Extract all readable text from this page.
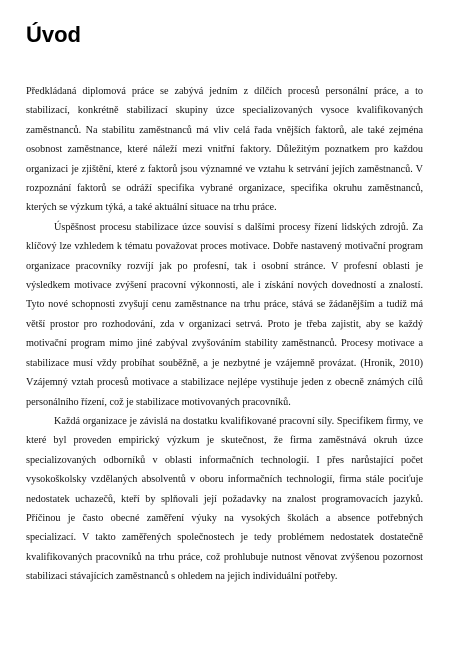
Úvod

Předkládaná diplomová práce se zabývá jedním z dílčích procesů personální práce, a to stabilizací, konkrétně stabilizací skupiny úzce specializovaných vysoce kvalifikovaných zaměstnanců. Na stabilitu zaměstnanců má vliv celá řada vnějších faktorů, ale také zejména osobnost zaměstnance, které náleží mezi vnitřní faktory. Důležitým poznatkem pro každou organizaci je zjištění, které z faktorů jsou významné ve vztahu k setrvání jejích zaměstnanců. V rozpoznání faktorů se odráží specifika vybrané organizace, specifika okruhu zaměstnanců, kterých se výzkum týká, a také aktuální situace na trhu práce.

Úspěšnost procesu stabilizace úzce souvisí s dalšími procesy řízení lidských zdrojů. Za klíčový lze vzhledem k tématu považovat proces motivace. Dobře nastavený motivační program organizace pracovníky rozvíjí jak po profesní, tak i osobní stránce. V profesní oblasti je výsledkem motivace zvýšení pracovní výkonnosti, ale i získání nových dovedností a znalostí. Tyto nové schopnosti zvyšují cenu zaměstnance na trhu práce, stává se žádanějším a tudíž má větší prostor pro rozhodování, zda v organizaci setrvá. Proto je třeba zajistit, aby se každý motivační program mimo jiné zabýval zvyšováním stability zaměstnanců. Procesy motivace a stabilizace musí vždy probíhat souběžně, a je nezbytné je vzájemně provázat. (Hronik, 2010) Vzájemný vztah procesů motivace a stabilizace nejlépe vystihuje jeden z obecně známých cílů personálního řízení, což je stabilizace motivovaných pracovníků.

Každá organizace je závislá na dostatku kvalifikované pracovní síly. Specifikem firmy, ve které byl proveden empirický výzkum je skutečnost, že firma zaměstnává okruh úzce specializovaných odborníků v oblasti informačních technologií. I přes narůstající počet vysokoškolsky vzdělaných absolventů v oboru informačních technologií, firma stále pociťuje nedostatek uchazečů, kteří by splňovali její požadavky na znalost programovacích jazyků. Příčinou je často obecné zaměření výuky na vysokých školách a absence potřebných specializací. V takto zaměřených společnostech je tedy problémem nedostatek dostatečně kvalifikovaných pracovníků na trhu práce, což prohlubuje nutnost věnovat zvýšenou pozornost stabilizaci stávajících zaměstnanců s ohledem na jejich individuální potřeby.
